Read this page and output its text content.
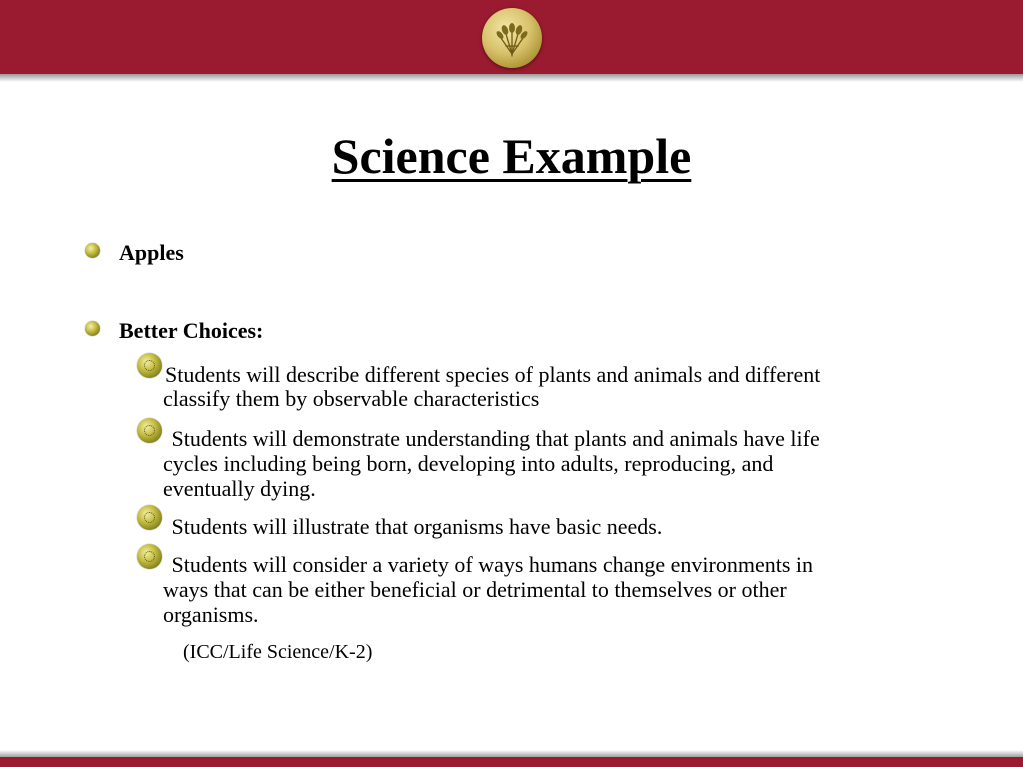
Science Example
Apples
Better Choices:
Students will describe different species of plants and animals and different
classify them by observable characteristics
Students will demonstrate understanding that plants and animals have life
cycles including being born, developing into adults, reproducing, and
eventually dying.
Students will illustrate that organisms have basic needs.
Students will consider a variety of ways humans change environments in
ways that can be either beneficial or detrimental to themselves or other
organisms.
(ICC/Life Science/K-2)
